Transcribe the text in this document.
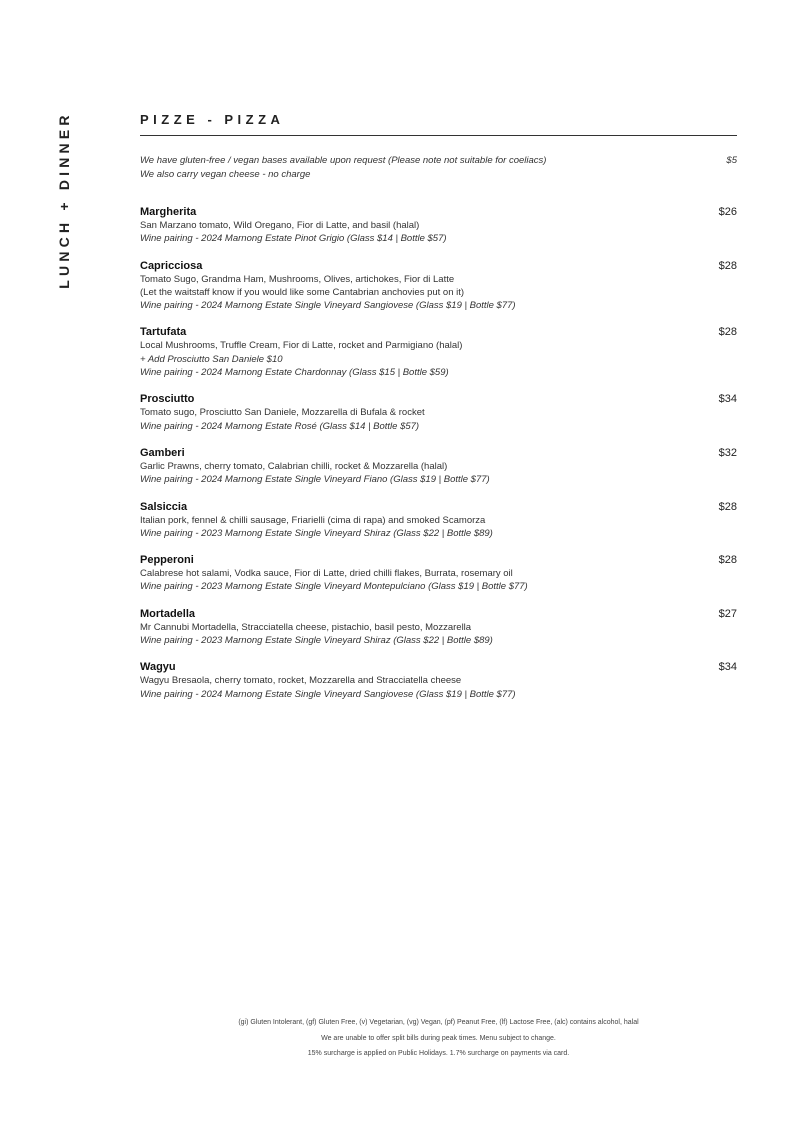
LUNCH + DINNER	PIZZE - PIZZA
We have gluten-free / vegan bases available upon request (Please note not suitable for coeliacs)
We also carry vegan cheese - no charge
$5
Margherita	$26
San Marzano tomato, Wild Oregano, Fior di Latte, and basil (halal)
Wine pairing - 2024 Marnong Estate Pinot Grigio (Glass $14 | Bottle $57)
Capricciosa	$28
Tomato Sugo, Grandma Ham, Mushrooms, Olives, artichokes, Fior di Latte
(Let the waitstaff know if you would like some Cantabrian anchovies put on it)
Wine pairing - 2024 Marnong Estate Single Vineyard Sangiovese (Glass $19 | Bottle $77)
Tartufata	$28
Local Mushrooms, Truffle Cream, Fior di Latte, rocket and Parmigiano (halal)
+ Add Prosciutto San Daniele $10
Wine pairing - 2024 Marnong Estate Chardonnay (Glass $15 | Bottle $59)
Prosciutto	$34
Tomato sugo, Prosciutto San Daniele, Mozzarella di Bufala & rocket
Wine pairing - 2024 Marnong Estate Rosé (Glass $14 | Bottle $57)
Gamberi	$32
Garlic Prawns, cherry tomato, Calabrian chilli, rocket & Mozzarella (halal)
Wine pairing - 2024 Marnong Estate Single Vineyard Fiano (Glass $19 | Bottle $77)
Salsiccia	$28
Italian pork, fennel & chilli sausage, Friarielli (cima di rapa) and smoked Scamorza
Wine pairing - 2023 Marnong Estate Single Vineyard Shiraz (Glass $22 | Bottle $89)
Pepperoni	$28
Calabrese hot salami, Vodka sauce, Fior di Latte, dried chilli flakes, Burrata, rosemary oil
Wine pairing - 2023 Marnong Estate Single Vineyard Montepulciano (Glass $19 | Bottle $77)
Mortadella	$27
Mr Cannubi Mortadella, Stracciatella cheese, pistachio, basil pesto, Mozzarella
Wine pairing - 2023 Marnong Estate Single Vineyard Shiraz (Glass $22 | Bottle $89)
Wagyu	$34
Wagyu Bresaola, cherry tomato, rocket, Mozzarella and Stracciatella cheese
Wine pairing - 2024 Marnong Estate Single Vineyard Sangiovese (Glass $19 | Bottle $77)
(gi) Gluten Intolerant, (gf) Gluten Free, (v) Vegetarian, (vg) Vegan, (pf) Peanut Free, (lf) Lactose Free, (alc) contains alcohol, halal
We are unable to offer split bills during peak times. Menu subject to change.
15% surcharge is applied on Public Holidays. 1.7% surcharge on payments via card.
